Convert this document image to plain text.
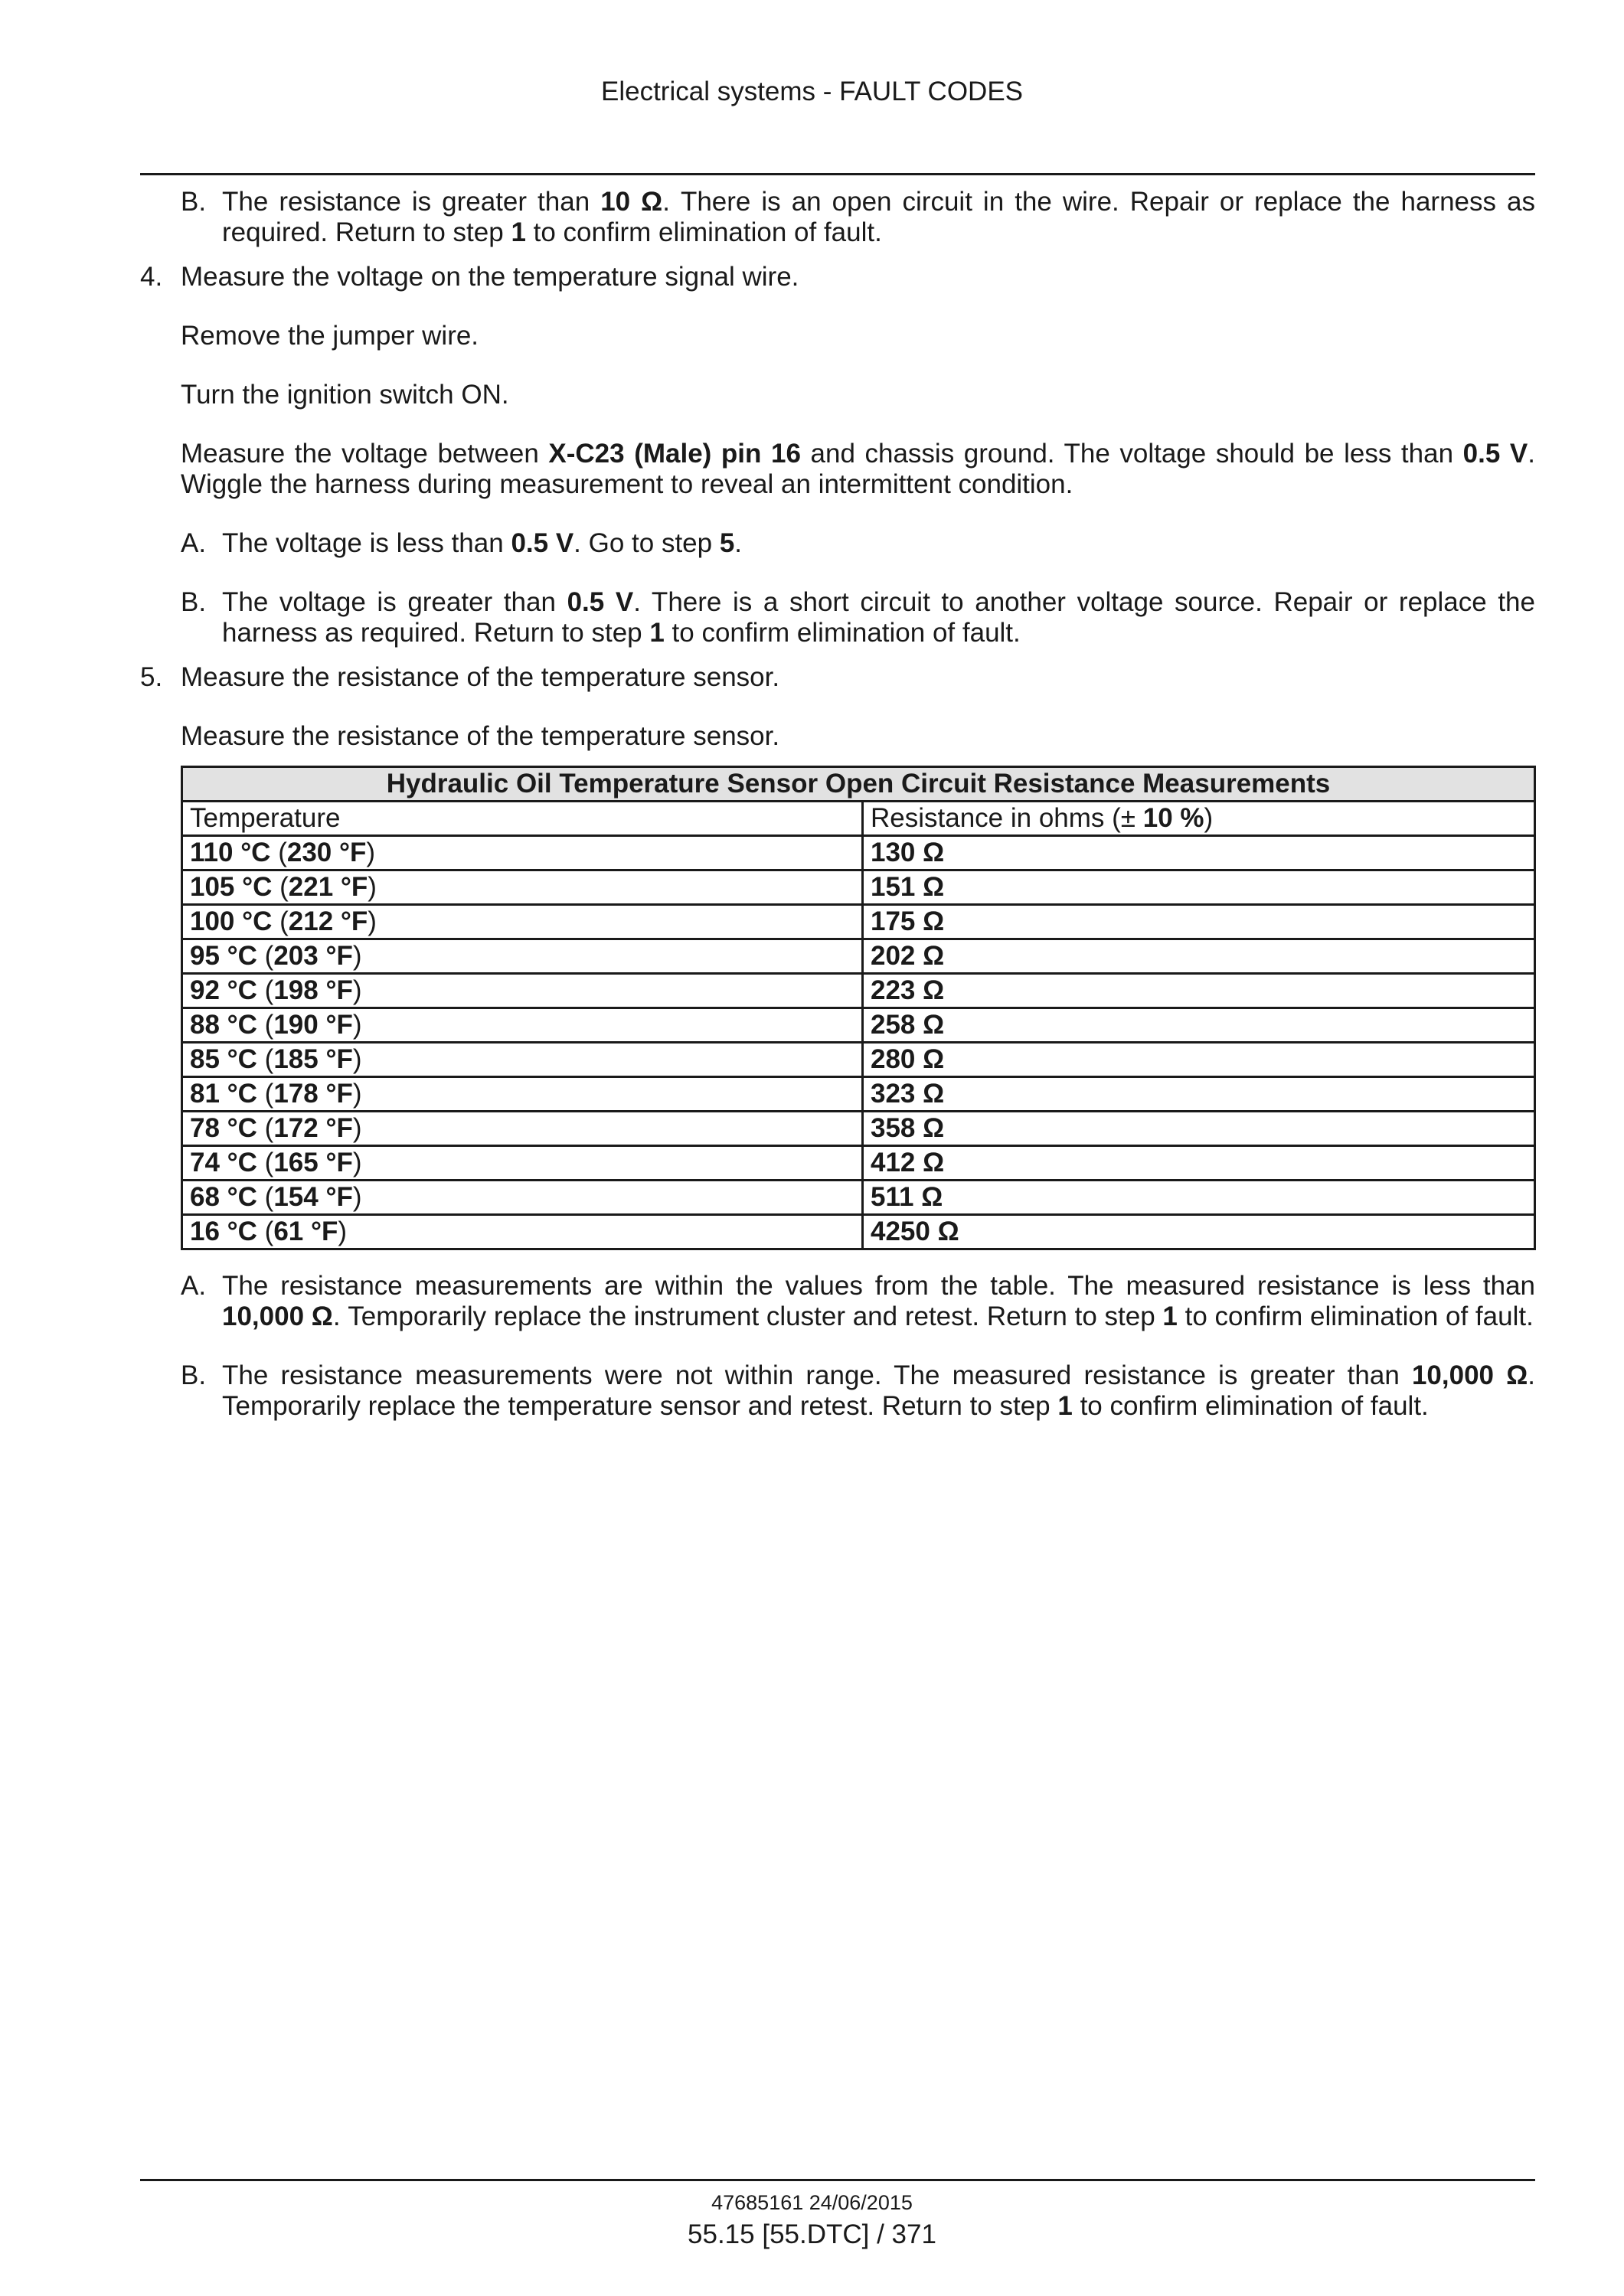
Electrical systems - FAULT CODES
B. The resistance is greater than 10 Ω. There is an open circuit in the wire. Repair or replace the harness as required. Return to step 1 to confirm elimination of fault.
4. Measure the voltage on the temperature signal wire.
Remove the jumper wire.
Turn the ignition switch ON.
Measure the voltage between X-C23 (Male) pin 16 and chassis ground. The voltage should be less than 0.5 V. Wiggle the harness during measurement to reveal an intermittent condition.
A. The voltage is less than 0.5 V. Go to step 5.
B. The voltage is greater than 0.5 V. There is a short circuit to another voltage source. Repair or replace the harness as required. Return to step 1 to confirm elimination of fault.
5. Measure the resistance of the temperature sensor.
Measure the resistance of the temperature sensor.
Hydraulic Oil Temperature Sensor Open Circuit Resistance Measurements	
Temperature	Resistance in ohms (± 10 %)
110 °C (230 °F)	130 Ω
105 °C (221 °F)	151 Ω
100 °C (212 °F)	175 Ω
95 °C (203 °F)	202 Ω
92 °C (198 °F)	223 Ω
88 °C (190 °F)	258 Ω
85 °C (185 °F)	280 Ω
81 °C (178 °F)	323 Ω
78 °C (172 °F)	358 Ω
74 °C (165 °F)	412 Ω
68 °C (154 °F)	511 Ω
16 °C (61 °F)	4250 Ω
A. The resistance measurements are within the values from the table. The measured resistance is less than 10,000 Ω. Temporarily replace the instrument cluster and retest. Return to step 1 to confirm elimination of fault.
B. The resistance measurements were not within range. The measured resistance is greater than 10,000 Ω. Temporarily replace the temperature sensor and retest. Return to step 1 to confirm elimination of fault.
47685161 24/06/2015
55.15 [55.DTC] / 371
